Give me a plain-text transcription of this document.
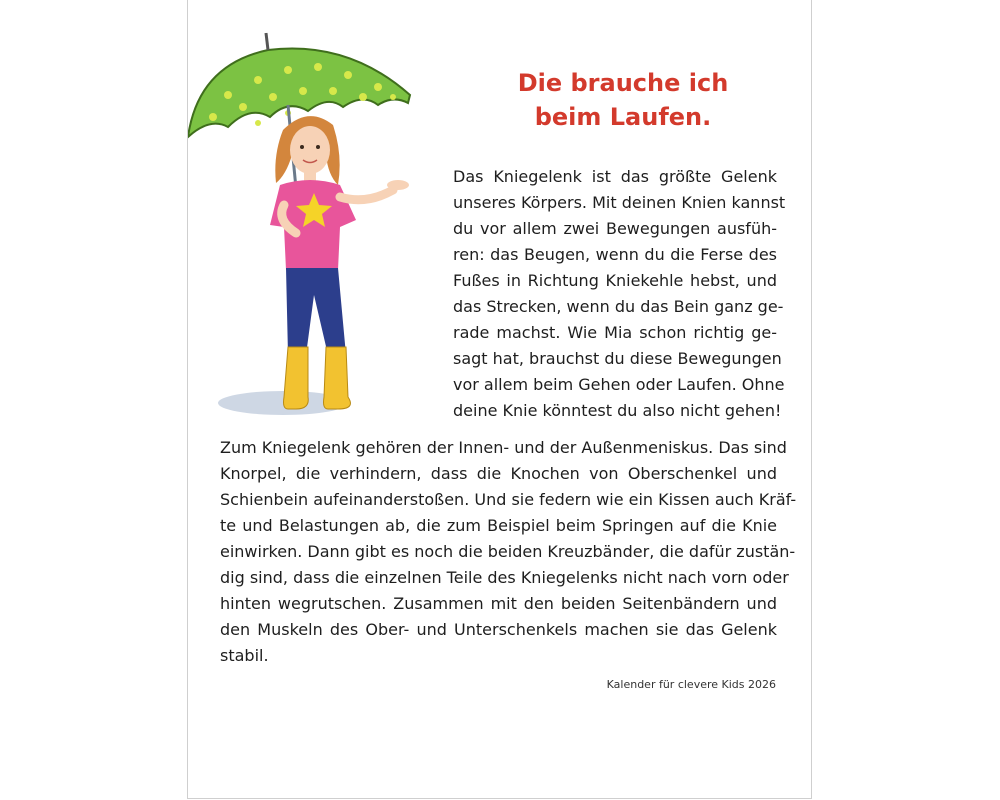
Die brauche ich
beim Laufen.

Das Kniegelenk ist das größte Gelenk
unseres Körpers. Mit deinen Knien kannst
du vor allem zwei Bewegungen ausfüh-
ren: das Beugen, wenn du die Ferse des
Fußes in Richtung Kniekehle hebst, und
das Strecken, wenn du das Bein ganz ge-
rade machst. Wie Mia schon richtig ge-
sagt hat, brauchst du diese Bewegungen
vor allem beim Gehen oder Laufen. Ohne
deine Knie könntest du also nicht gehen!

Zum Kniegelenk gehören der Innen- und der Außenmeniskus. Das sind
Knorpel, die verhindern, dass die Knochen von Oberschenkel und
Schienbein aufeinanderstoßen. Und sie federn wie ein Kissen auch Kräf-
te und Belastungen ab, die zum Beispiel beim Springen auf die Knie
einwirken. Dann gibt es noch die beiden Kreuzbänder, die dafür zustän-
dig sind, dass die einzelnen Teile des Kniegelenks nicht nach vorn oder
hinten wegrutschen. Zusammen mit den beiden Seitenbändern und
den Muskeln des Ober- und Unterschenkels machen sie das Gelenk
stabil.

Kalender für clevere Kids 2026
